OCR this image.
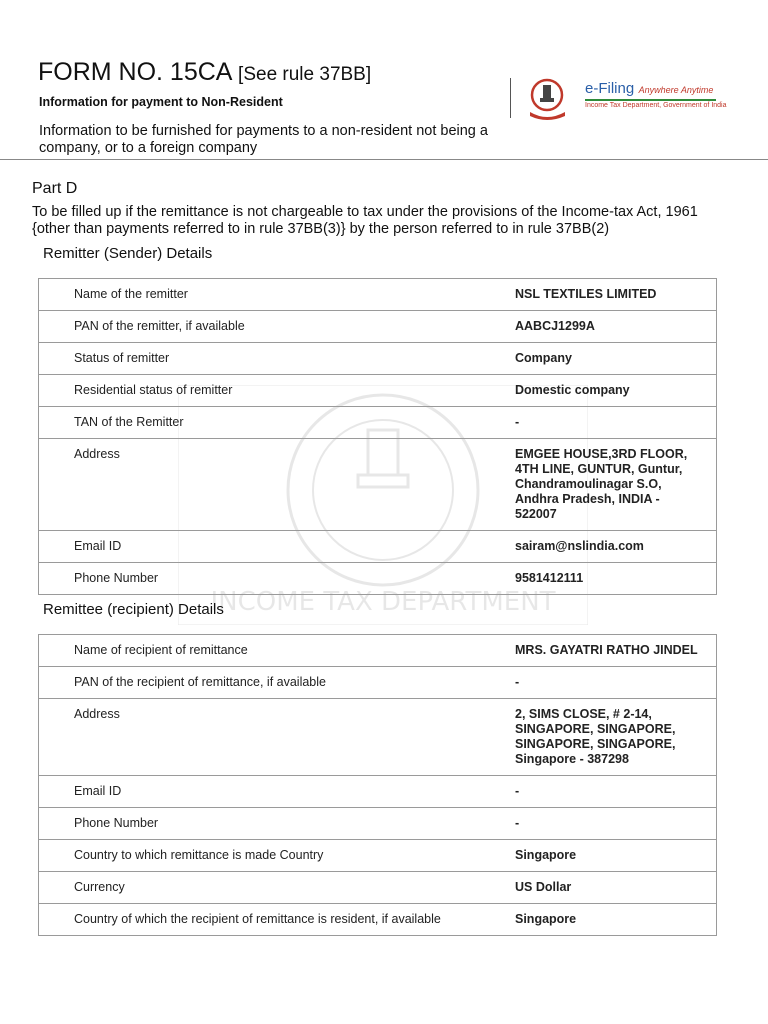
INCOME TAX DEPARTMENT
FORM NO. 15CA [See rule 37BB]
Information for payment to Non-Resident
Information to be furnished for payments to a non-resident not being a company, or to a foreign company
e-Filing Anywhere Anytime
Income Tax Department, Government of India
Part D
To be filled up if the remittance is not chargeable to tax under the provisions of the Income-tax Act, 1961 {other than payments referred to in rule 37BB(3)} by the person referred to in rule 37BB(2)
Remitter (Sender) Details
Name of the remitter	NSL TEXTILES LIMITED
PAN of the remitter, if available	AABCJ1299A
Status of remitter	Company
Residential status of remitter	Domestic company
TAN of the Remitter	-
Address	EMGEE HOUSE,3RD FLOOR, 4TH LINE, GUNTUR, Guntur, Chandramoulinagar S.O, Andhra Pradesh, INDIA - 522007
Email ID	sairam@nslindia.com
Phone Number	9581412111
Remittee (recipient) Details
Name of recipient of remittance	MRS. GAYATRI RATHO JINDEL
PAN of the recipient of remittance, if available	-
Address	2, SIMS CLOSE, # 2-14, SINGAPORE, SINGAPORE, SINGAPORE, SINGAPORE, Singapore - 387298
Email ID	-
Phone Number	-
Country to which remittance is made Country	Singapore
Currency	US Dollar
Country of which the recipient of remittance is resident, if available	Singapore
